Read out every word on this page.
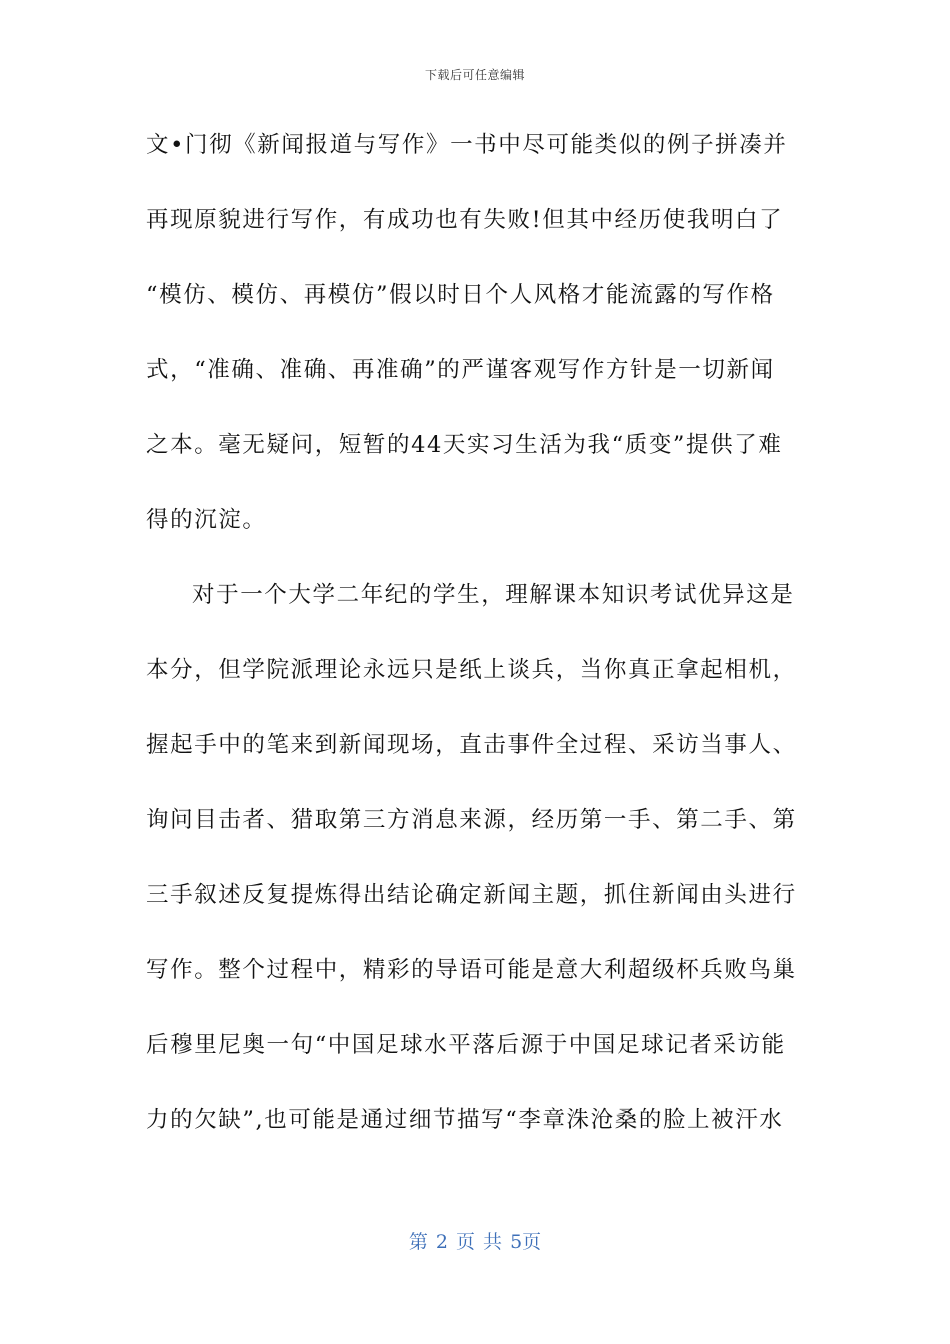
下载后可任意编辑
文•门彻《新闻报道与写作》一书中尽可能类似的例子拼凑并
再现原貌进行写作，有成功也有失败!但其中经历使我明白了
“模仿、模仿、再模仿”假以时日个人风格才能流露的写作格
式，“准确、准确、再准确”的严谨客观写作方针是一切新闻
之本。毫无疑问，短暂的44天实习生活为我“质变”提供了难
得的沉淀。
对于一个大学二年纪的学生，理解课本知识考试优异这是
本分，但学院派理论永远只是纸上谈兵，当你真正拿起相机，
握起手中的笔来到新闻现场，直击事件全过程、采访当事人、
询问目击者、猎取第三方消息来源，经历第一手、第二手、第
三手叙述反复提炼得出结论确定新闻主题，抓住新闻由头进行
写作。整个过程中，精彩的导语可能是意大利超级杯兵败鸟巢
后穆里尼奥一句“中国足球水平落后源于中国足球记者采访能
力的欠缺”,也可能是通过细节描写“李章洙沧桑的脸上被汗水
第 2 页 共 5页
